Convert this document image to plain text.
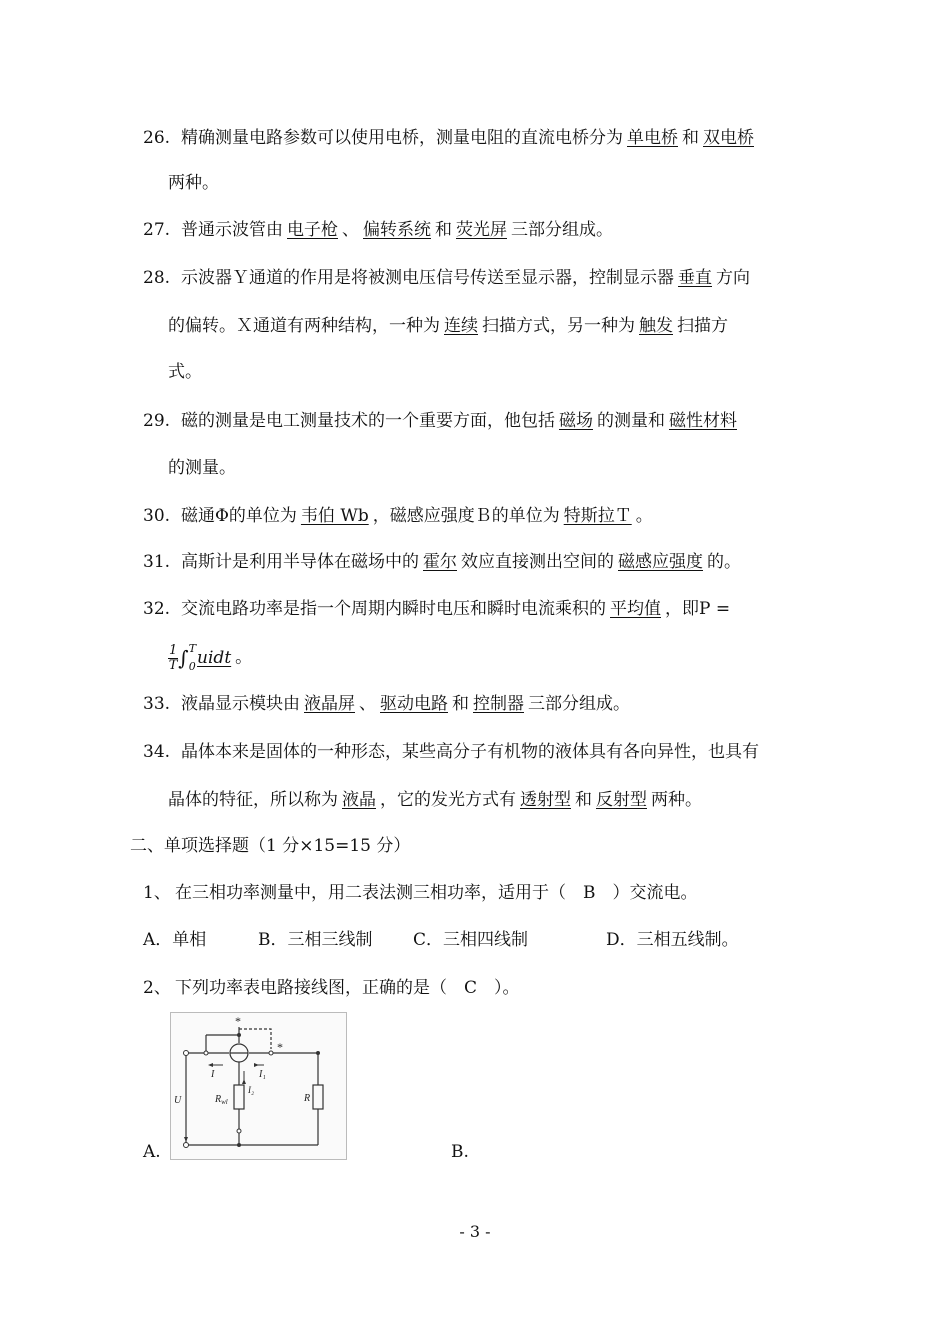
26. 精确测量电路参数可以使用电桥，测量电阻的直流电桥分为 单电桥 和 双电桥
两种。
27. 普通示波管由 电子枪 、 偏转系统 和 荧光屏 三部分组成。
28. 示波器Ｙ通道的作用是将被测电压信号传送至显示器，控制显示器 垂直 方向
的偏转。Ｘ通道有两种结构，一种为 连续 扫描方式，另一种为 触发 扫描方
式。
29. 磁的测量是电工测量技术的一个重要方面，他包括 磁场 的测量和 磁性材料
的测量。
30. 磁通Φ的单位为 韦伯 Wb ，磁感应强度Ｂ的单位为 特斯拉Ｔ 。
31. 高斯计是利用半导体在磁场中的 霍尔 效应直接测出空间的 磁感应强度 的。
32. 交流电路功率是指一个周期内瞬时电压和瞬时电流乘积的 平均值 ，即P =
$\frac{1}{T}$ ∫ T
0 uidt 。
33. 液晶显示模块由 液晶屏 、 驱动电路 和 控制器 三部分组成。
34. 晶体本来是固体的一种形态，某些高分子有机物的液体具有各向异性，也具有
晶体的特征，所以称为 液晶 ，它的发光方式有 透射型 和 反射型 两种。
二、单项选择题（1 分×15=15 分）
1、 在三相功率测量中，用二表法测三相功率，适用于（　B　）交流电。
A．单相	B．三相三线制 C．三相四线制	D．三相五线制。
2、 下列功率表电路接线图，正确的是（　C　）。
A.	B.
*
*
I	I₁
I₂
U	$R_{wl}$	R
- 3 -
